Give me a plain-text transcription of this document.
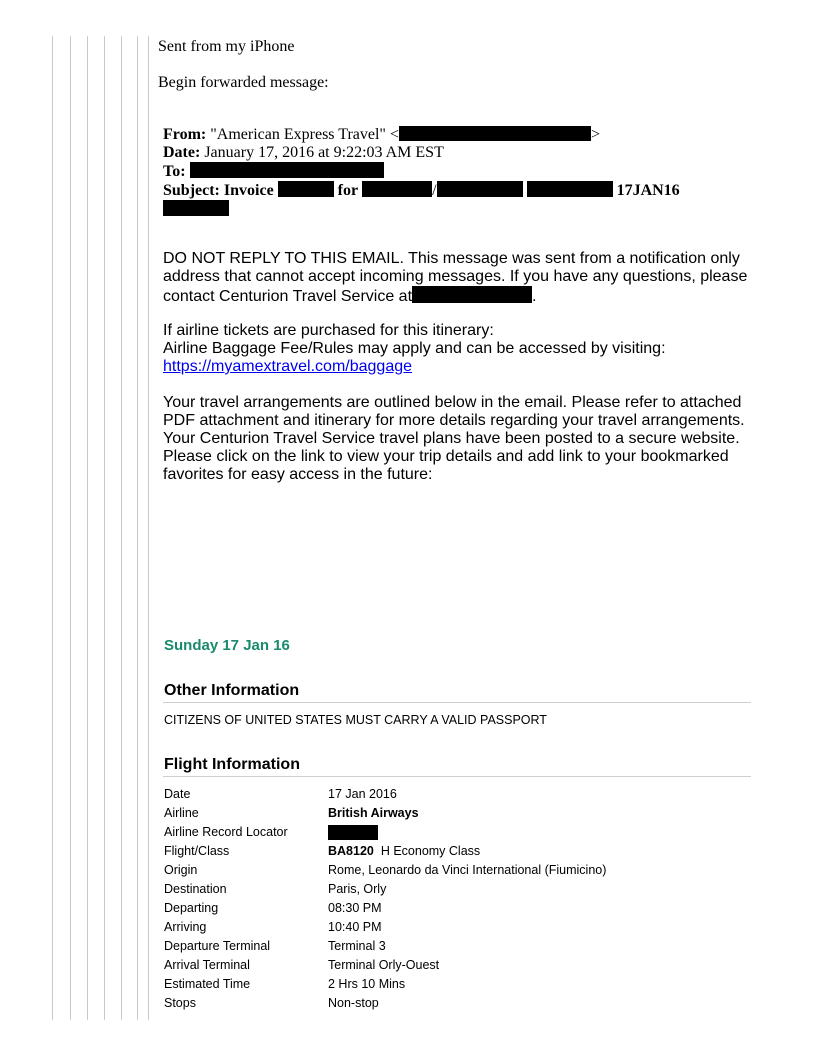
Sent from my iPhone
Begin forwarded message:

From: "American Express Travel" <	>

Date: January 17, 2016 at 9:22:03 AM EST

To:

Subject: Invoice	for	/	17JAN16

DO NOT REPLY TO THIS EMAIL. This message was sent from a notification only

address that cannot accept incoming messages. If you have any questions, please

contact Centurion Travel Service at	.

If airline tickets are purchased for this itinerary:

Airline Baggage Fee/Rules may apply and can be accessed by visiting:

https://myamextravel.com/baggage

Your travel arrangements are outlined below in the email. Please refer to attached

PDF attachment and itinerary for more details regarding your travel arrangements.

Your Centurion Travel Service travel plans have been posted to a secure website.

Please click on the link to view your trip details and add link to your bookmarked

favorites for easy access in the future:

Sunday 17 Jan 16
Other Information
CITIZENS OF UNITED STATES MUST CARRY A VALID PASSPORT
Flight Information
Date	17 Jan 2016
Airline	British Airways
Airline Record Locator
Flight/Class	BA8120 H Economy Class
Origin	Rome, Leonardo da Vinci International (Fiumicino)
Destination	Paris, Orly
Departing	08:30 PM
Arriving	10:40 PM
Departure Terminal	Terminal 3
Arrival Terminal	Terminal Orly-Ouest
Estimated Time	2 Hrs 10 Mins
Stops	Non-stop
